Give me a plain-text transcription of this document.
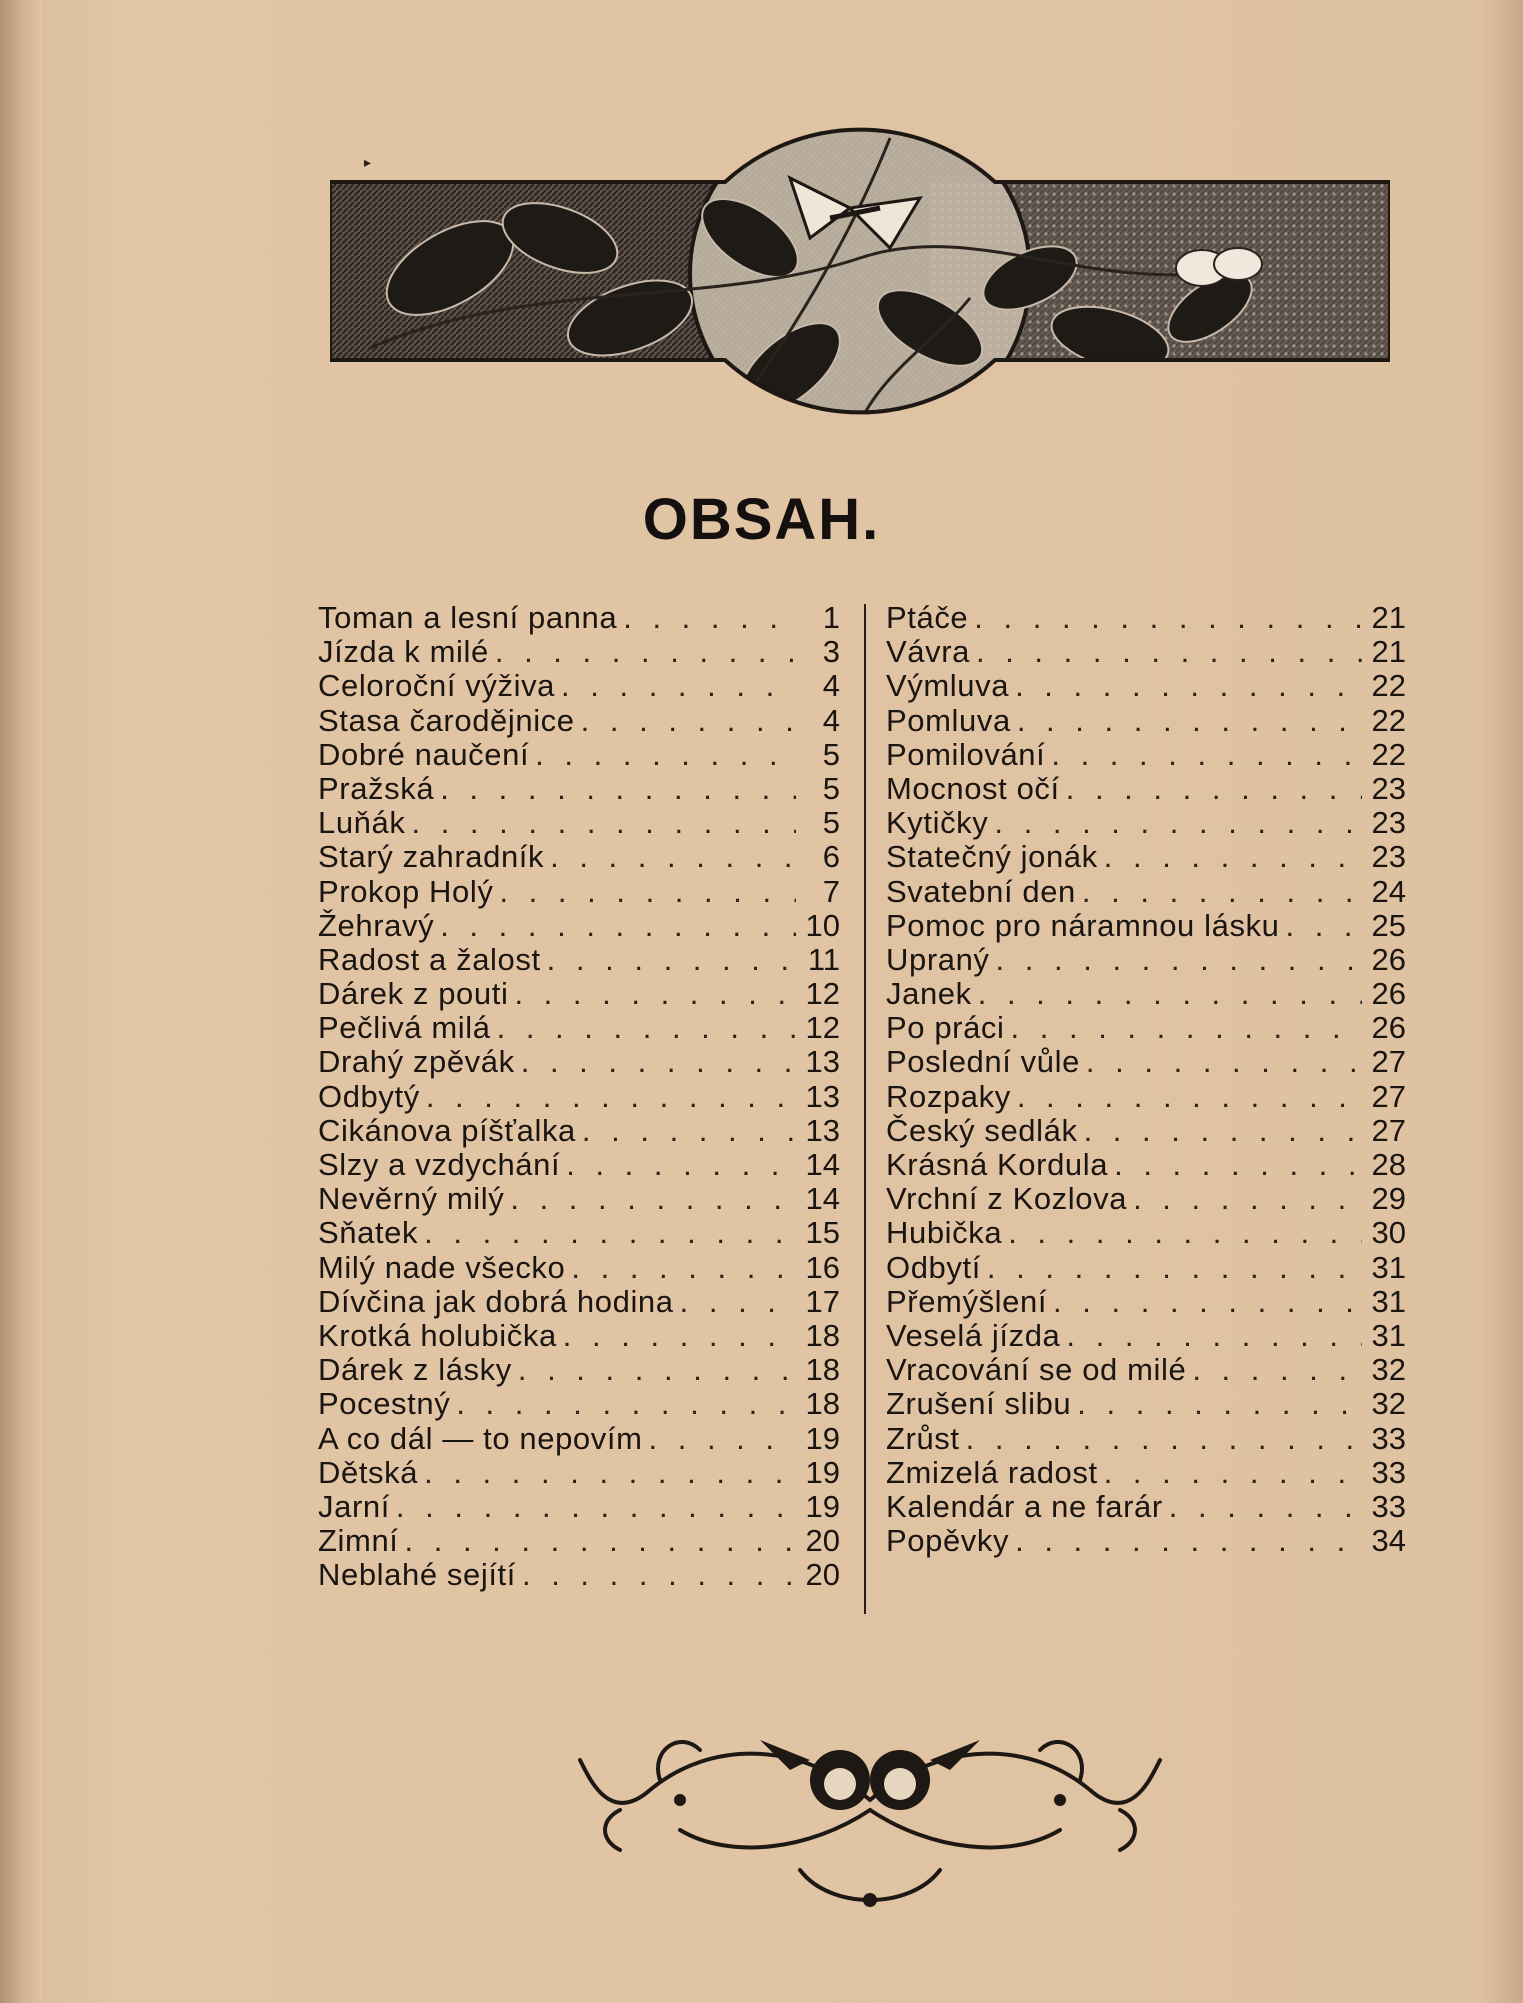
▸
OBSAH.
Toman a lesní panna . . .	1
Jízda k milé . . .	3
Celoroční výživa . . .	4
Stasa čarodějnice . . .	4
Dobré naučení . . .	5
Pražská . . .	5
Luňák . . .	5
Starý zahradník . . .	6
Prokop Holý . . .	7
Žehravý . . .	10
Radost a žalost . . .	11
Dárek z pouti . . .	12
Pečlivá milá . . .	12
Drahý zpěvák . . .	13
Odbytý . . .	13
Cikánova píšťalka . . .	13
Slzy a vzdychání . . .	14
Nevěrný milý . . .	14
Sňatek . . .	15
Milý nade všecko . . .	16
Dívčina jak dobrá hodina . . .	17
Krotká holubička . . .	18
Dárek z lásky . . .	18
Pocestný . . .	18
A co dál — to nepovím . . .	19
Dětská . . .	19
Jarní . . .	19
Zimní . . .	20
Neblahé sejítí . . .	20
Ptáče . . .	21
Vávra . . .	21
Výmluva . . .	22
Pomluva . . .	22
Pomilování . . .	22
Mocnost očí . . .	23
Kytičky . . .	23
Statečný jonák . . .	23
Svatební den . . .	24
Pomoc pro náramnou lásku . . .	25
Upraný . . .	26
Janek . . .	26
Po práci . . .	26
Poslední vůle . . .	27
Rozpaky . . .	27
Český sedlák . . .	27
Krásná Kordula . . .	28
Vrchní z Kozlova . . .	29
Hubička . . .	30
Odbytí . . .	31
Přemýšlení . . .	31
Veselá jízda . . .	31
Vracování se od milé . . .	32
Zrušení slibu . . .	32
Zrůst . . .	33
Zmizelá radost . . .	33
Kalendár a ne farár . . .	33
Popěvky . . .	34
